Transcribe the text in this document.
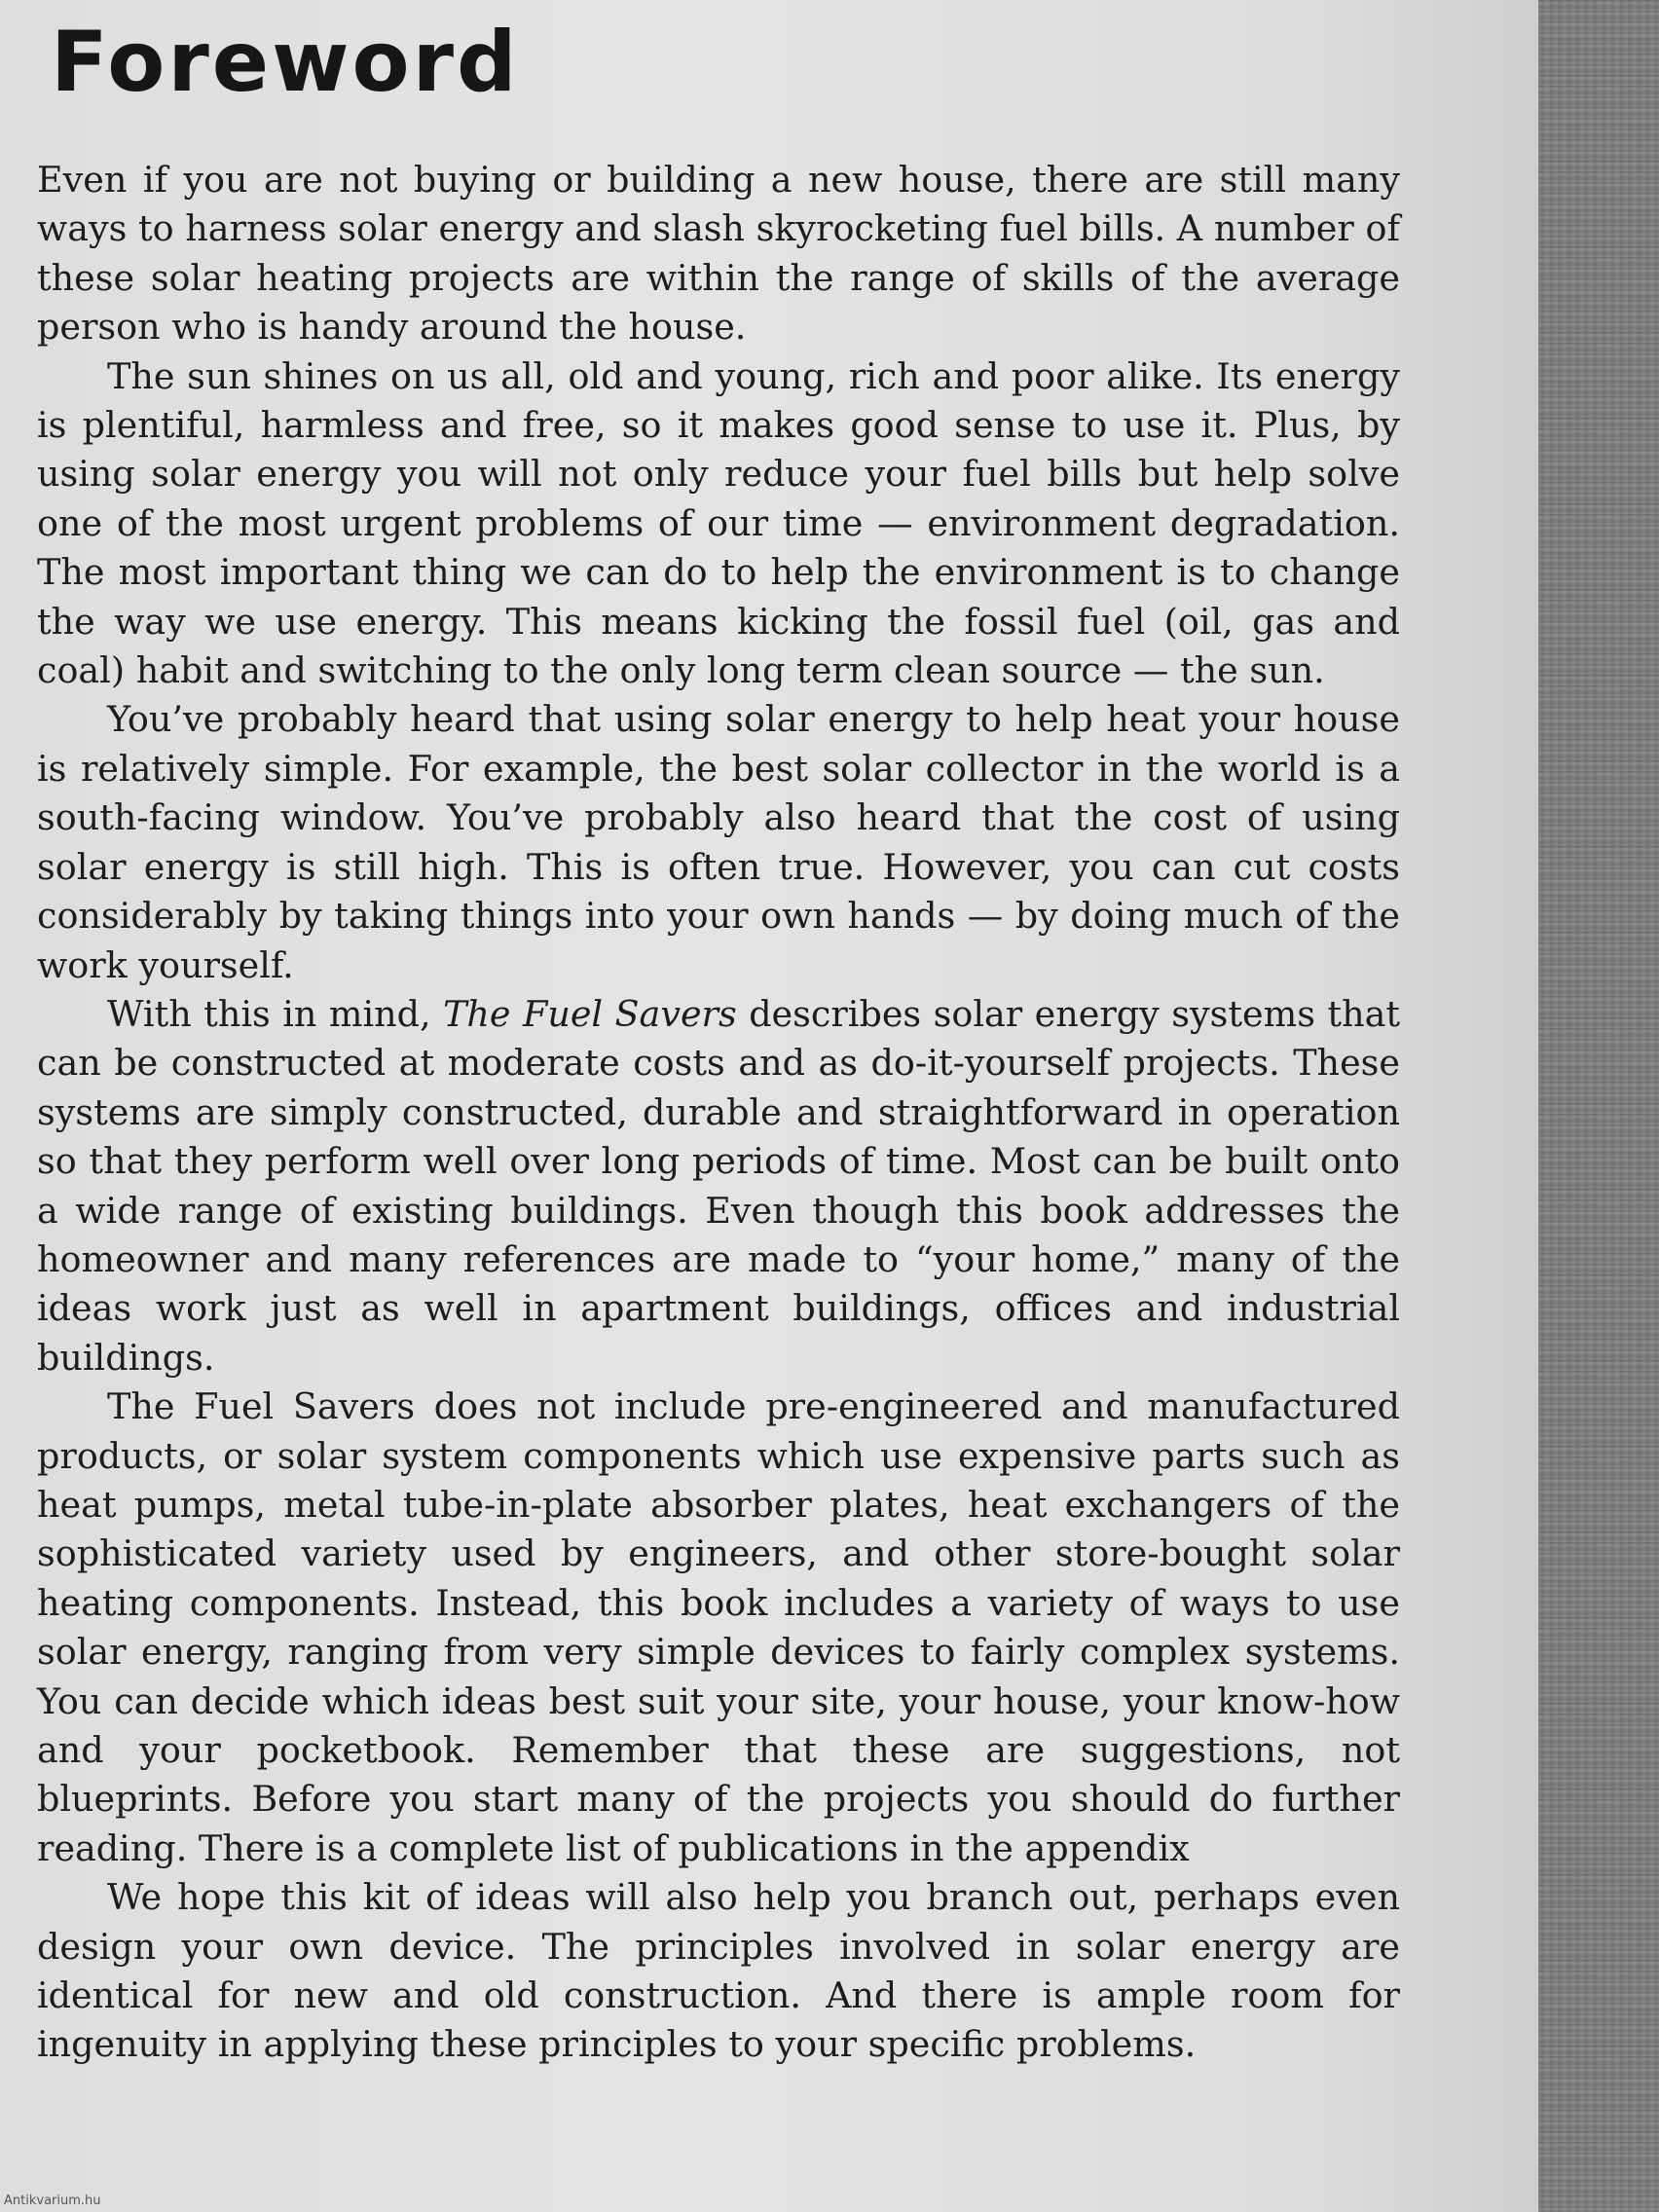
Foreword

Even if you are not buying or building a new house, there are still many ways to harness solar energy and slash skyrocketing fuel bills. A number of these solar heating projects are within the range of skills of the average person who is handy around the house.

The sun shines on us all, old and young, rich and poor alike. Its energy is plentiful, harmless and free, so it makes good sense to use it. Plus, by using solar energy you will not only reduce your fuel bills but help solve one of the most urgent problems of our time — environment degradation. The most important thing we can do to help the environment is to change the way we use energy. This means kicking the fossil fuel (oil, gas and coal) habit and switching to the only long term clean source — the sun.

You’ve probably heard that using solar energy to help heat your house is relatively simple. For example, the best solar collector in the world is a south-facing window. You’ve probably also heard that the cost of using solar energy is still high. This is often true. However, you can cut costs considerably by taking things into your own hands — by doing much of the work yourself.

With this in mind, The Fuel Savers describes solar energy systems that can be constructed at moderate costs and as do-it-yourself projects. These systems are simply constructed, durable and straightforward in operation so that they perform well over long periods of time. Most can be built onto a wide range of existing buildings. Even though this book addresses the homeowner and many references are made to “your home,” many of the ideas work just as well in apartment buildings, offices and industrial buildings.

The Fuel Savers does not include pre-engineered and manufactured products, or solar system components which use expensive parts such as heat pumps, metal tube-in-plate absorber plates, heat exchangers of the sophisticated variety used by engineers, and other store-bought solar heating components. Instead, this book includes a variety of ways to use solar energy, ranging from very simple devices to fairly complex systems. You can decide which ideas best suit your site, your house, your know-how and your pocketbook. Remember that these are suggestions, not blueprints. Before you start many of the projects you should do further reading. There is a complete list of publications in the appendix

We hope this kit of ideas will also help you branch out, perhaps even design your own device. The principles involved in solar energy are identical for new and old construction. And there is ample room for ingenuity in applying these principles to your specific problems.

Antikvarium.hu
